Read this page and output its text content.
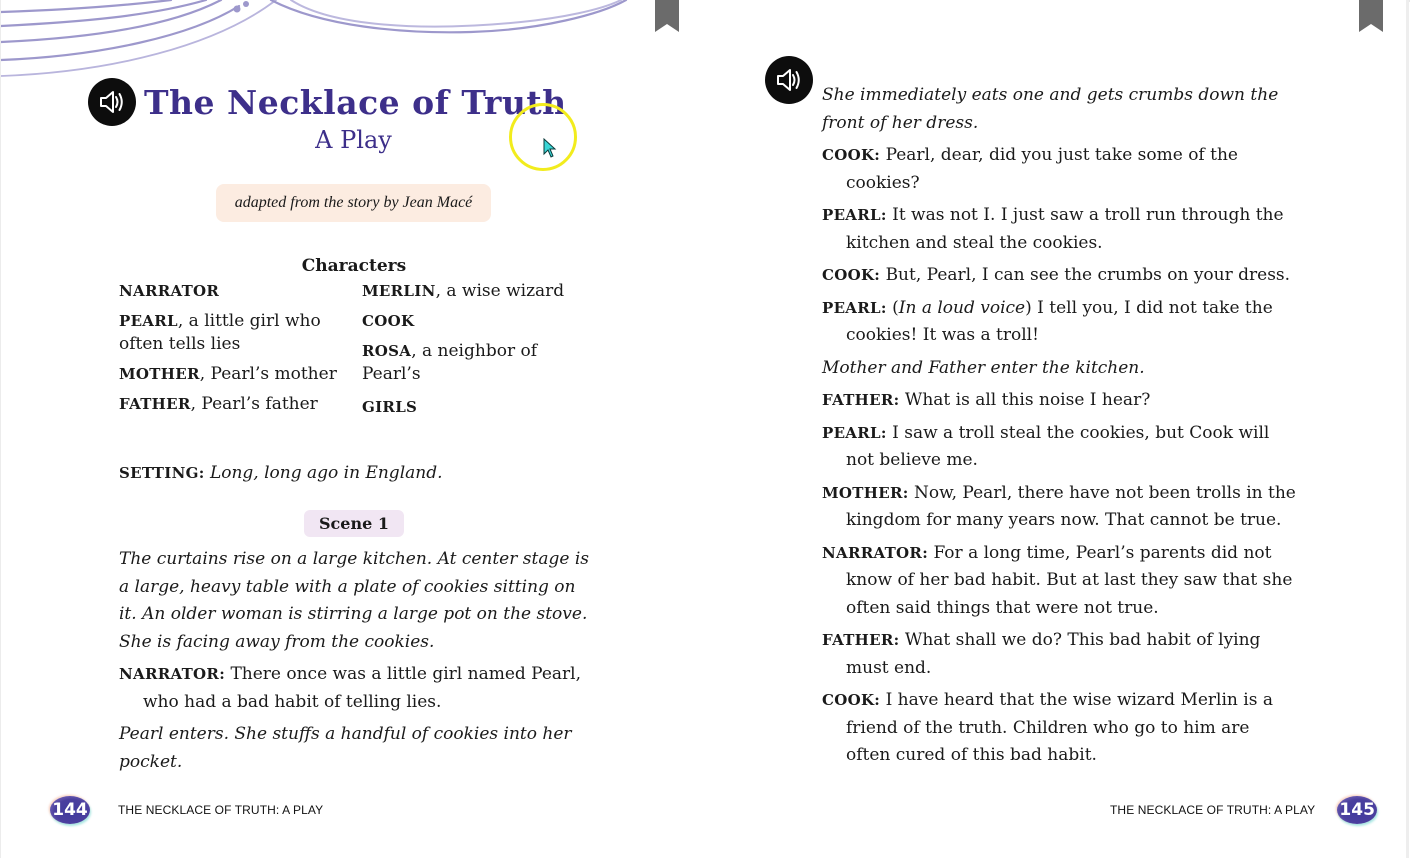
The Necklace of Truth
A Play
adapted from the story by Jean Macé
Characters
NARRATOR
PEARL, a little girl who often tells lies
MOTHER, Pearl’s mother
FATHER, Pearl’s father
MERLIN, a wise wizard
COOK
ROSA, a neighbor of Pearl’s
GIRLS
SETTING: Long, long ago in England.
Scene 1

The curtains rise on a large kitchen. At center stage is a large, heavy table with a plate of cookies sitting on it. An older woman is stirring a large pot on the stove. She is facing away from the cookies.

NARRATOR: There once was a little girl named Pearl, who had a bad habit of telling lies.

Pearl enters. She stuffs a handful of cookies into her pocket.

144	THE NECKLACE OF TRUTH: A PLAY

She immediately eats one and gets crumbs down the front of her dress.

COOK: Pearl, dear, did you just take some of the cookies?

PEARL: It was not I. I just saw a troll run through the kitchen and steal the cookies.

COOK: But, Pearl, I can see the crumbs on your dress.

PEARL: (In a loud voice) I tell you, I did not take the cookies! It was a troll!

Mother and Father enter the kitchen.

FATHER: What is all this noise I hear?

PEARL: I saw a troll steal the cookies, but Cook will not believe me.

MOTHER: Now, Pearl, there have not been trolls in the kingdom for many years now. That cannot be true.

NARRATOR: For a long time, Pearl’s parents did not know of her bad habit. But at last they saw that she often said things that were not true.

FATHER: What shall we do? This bad habit of lying must end.

COOK: I have heard that the wise wizard Merlin is a friend of the truth. Children who go to him are often cured of this bad habit.

THE NECKLACE OF TRUTH: A PLAY 145
